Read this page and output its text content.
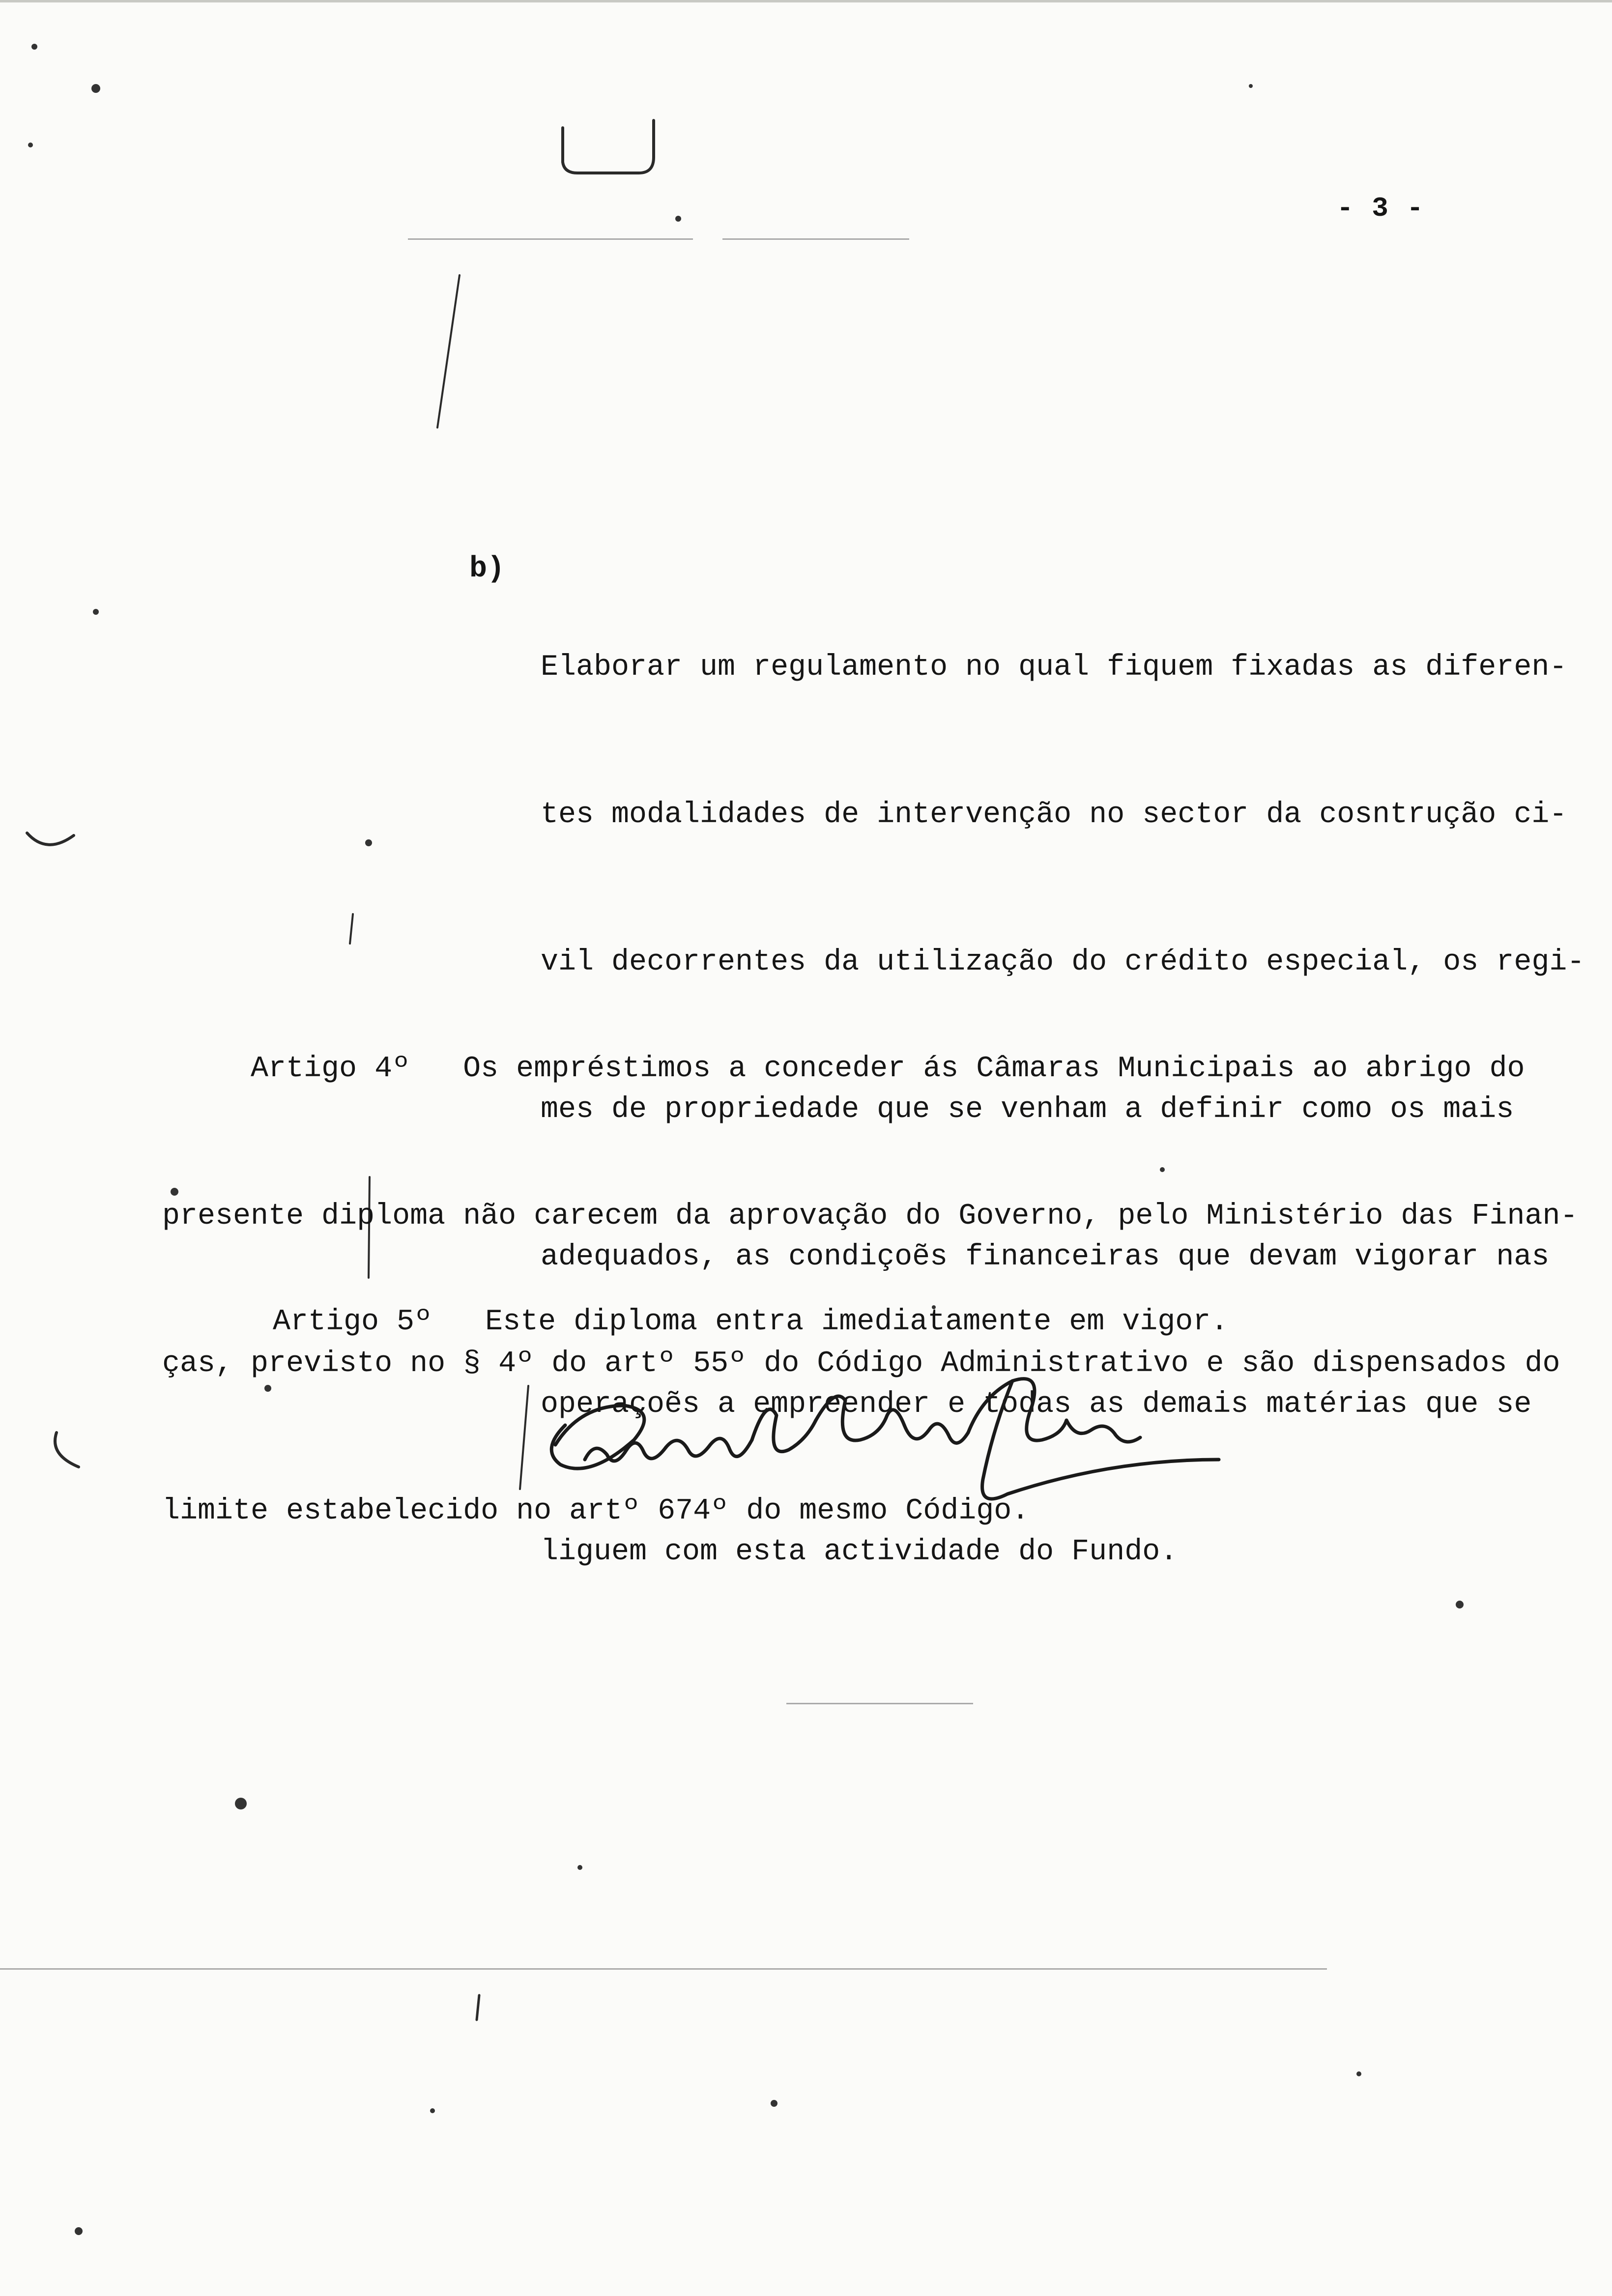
- 3 -

b)

Elaborar um regulamento no qual fiquem fixadas as diferen-

tes modalidades de intervenção no sector da cosntrução ci-

vil decorrentes da utilização do crédito especial, os regi-

mes de propriedade que se venham a definir como os mais

adequados, as condiçoẽs financeiras que devam vigorar nas

operaçoẽs a empreender e todas as demais matérias que se

liguem com esta actividade do Fundo.

Artigo 4º   Os empréstimos a conceder ás Câmaras Municipais ao abrigo do

presente diploma não carecem da aprovação do Governo, pelo Ministério das Finan-

ças, previsto no § 4º do artº 55º do Código Administrativo e são dispensados do

limite estabelecido no artº 674º do mesmo Código.

Artigo 5º   Este diploma entra imediatamente em vigor.
